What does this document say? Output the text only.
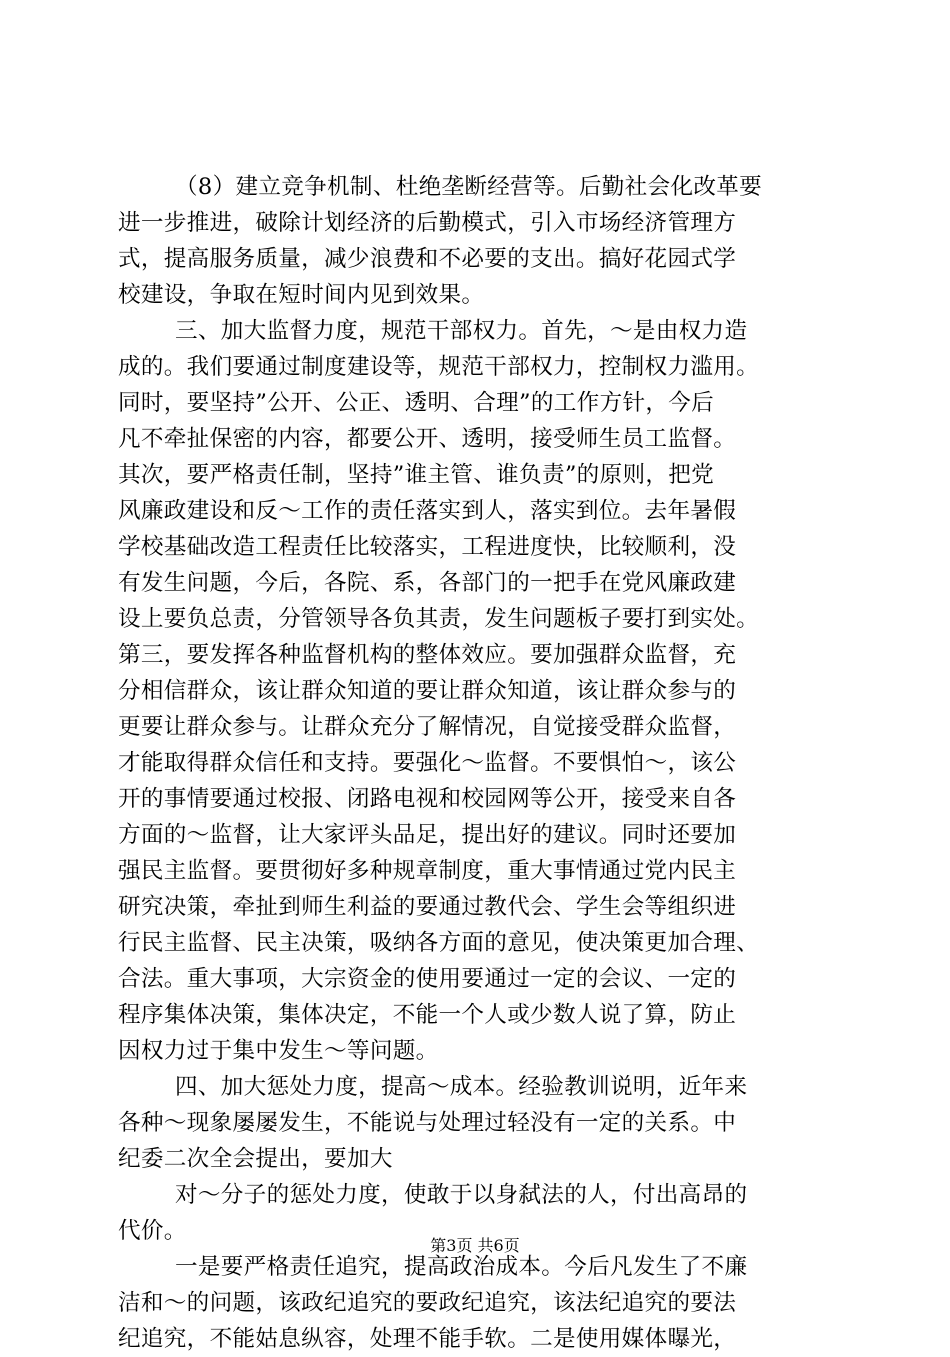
（8）建立竞争机制、杜绝垄断经营等。后勤社会化改革要
进一步推进，破除计划经济的后勤模式，引入市场经济管理方
式，提高服务质量，减少浪费和不必要的支出。搞好花园式学
校建设，争取在短时间内见到效果。
三、加大监督力度，规范干部权力。首先，～是由权力造
成的。我们要通过制度建设等，规范干部权力，控制权力滥用。
同时，要坚持”公开、公正、透明、合理”的工作方针，今后
凡不牵扯保密的内容，都要公开、透明，接受师生员工监督。
其次，要严格责任制，坚持”谁主管、谁负责”的原则，把党
风廉政建设和反～工作的责任落实到人，落实到位。去年暑假
学校基础改造工程责任比较落实，工程进度快，比较顺利，没
有发生问题，今后，各院、系，各部门的一把手在党风廉政建
设上要负总责，分管领导各负其责，发生问题板子要打到实处。
第三，要发挥各种监督机构的整体效应。要加强群众监督，充
分相信群众，该让群众知道的要让群众知道，该让群众参与的
更要让群众参与。让群众充分了解情况，自觉接受群众监督，
才能取得群众信任和支持。要强化～监督。不要惧怕～，该公
开的事情要通过校报、闭路电视和校园网等公开，接受来自各
方面的～监督，让大家评头品足，提出好的建议。同时还要加
强民主监督。要贯彻好多种规章制度，重大事情通过党内民主
研究决策，牵扯到师生利益的要通过教代会、学生会等组织进
行民主监督、民主决策，吸纳各方面的意见，使决策更加合理、
合法。重大事项，大宗资金的使用要通过一定的会议、一定的
程序集体决策，集体决定，不能一个人或少数人说了算，防止
因权力过于集中发生～等问题。
四、加大惩处力度，提高～成本。经验教训说明，近年来
各种～现象屡屡发生，不能说与处理过轻没有一定的关系。中
纪委二次全会提出，要加大
对～分子的惩处力度，使敢于以身弑法的人，付出高昂的
代价。
一是要严格责任追究，提高政治成本。今后凡发生了不廉
洁和～的问题，该政纪追究的要政纪追究，该法纪追究的要法
纪追究，不能姑息纵容，处理不能手软。二是使用媒体曝光，
第3页 共6页
